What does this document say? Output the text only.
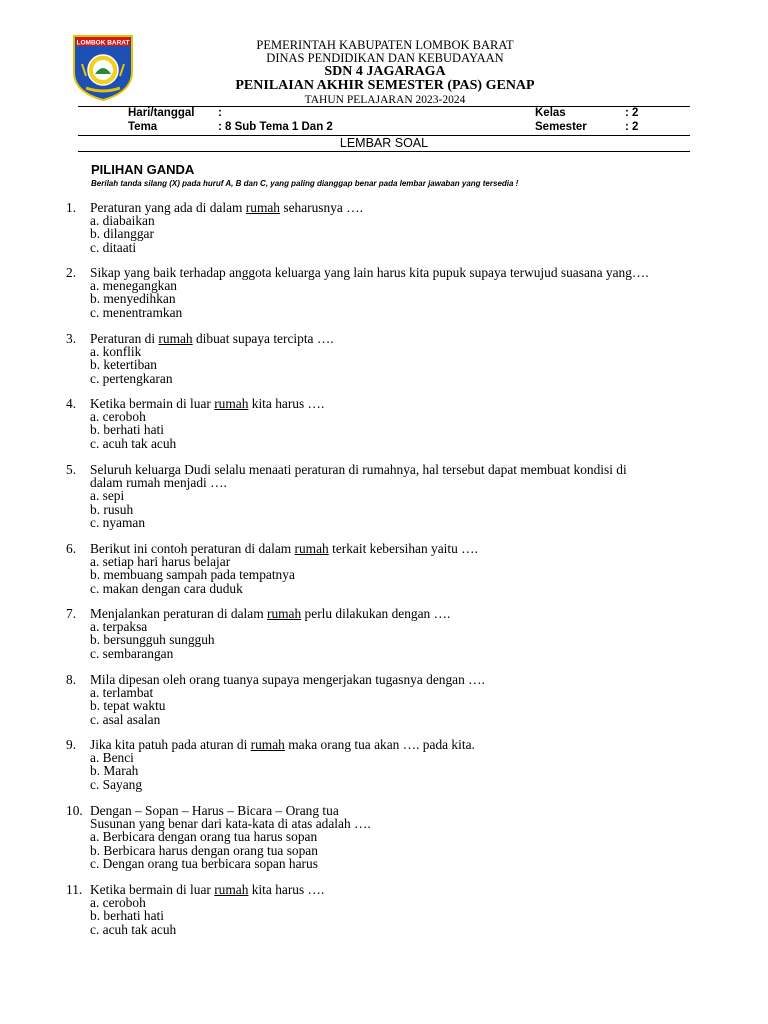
LOMBOK BARAT	PEMERINTAH KABUPATEN LOMBOK BARAT
DINAS PENDIDIKAN DAN KEBUDAYAAN
SDN 4 JAGARAGA
PENILAIAN AKHIR SEMESTER (PAS) GENAP
TAHUN PELAJARAN 2023-2024
Hari/tanggal :	Kelas	: 2
Tema	: 8 Sub Tema 1 Dan 2	Semester	: 2
LEMBAR SOAL
PILIHAN GANDA
Berilah tanda silang (X) pada huruf A, B dan C, yang paling dianggap benar pada lembar jawaban yang tersedia !
1. Peraturan yang ada di dalam rumah seharusnya ….
a. diabaikan
b. dilanggar
c. ditaati
2. Sikap yang baik terhadap anggota keluarga yang lain harus kita pupuk supaya terwujud suasana yang….
a. menegangkan
b. menyedihkan
c. menentramkan
3. Peraturan di rumah dibuat supaya tercipta ….
a. konflik
b. ketertiban
c. pertengkaran
4. Ketika bermain di luar rumah kita harus ….
a. ceroboh
b. berhati hati
c. acuh tak acuh
5. Seluruh keluarga Dudi selalu menaati peraturan di rumahnya, hal tersebut dapat membuat kondisi di
dalam rumah menjadi ….
a. sepi
b. rusuh
c. nyaman
6. Berikut ini contoh peraturan di dalam rumah terkait kebersihan yaitu ….
a. setiap hari harus belajar
b. membuang sampah pada tempatnya
c. makan dengan cara duduk
7. Menjalankan peraturan di dalam rumah perlu dilakukan dengan ….
a. terpaksa
b. bersungguh sungguh
c. sembarangan
8. Mila dipesan oleh orang tuanya supaya mengerjakan tugasnya dengan ….
a. terlambat
b. tepat waktu
c. asal asalan
9. Jika kita patuh pada aturan di rumah maka orang tua akan …. pada kita.
a. Benci
b. Marah
c. Sayang
10. Dengan – Sopan – Harus – Bicara – Orang tua
Susunan yang benar dari kata-kata di atas adalah ….
a. Berbicara dengan orang tua harus sopan
b. Berbicara harus dengan orang tua sopan
c. Dengan orang tua berbicara sopan harus
11. Ketika bermain di luar rumah kita harus ….
a. ceroboh
b. berhati hati
c. acuh tak acuh
